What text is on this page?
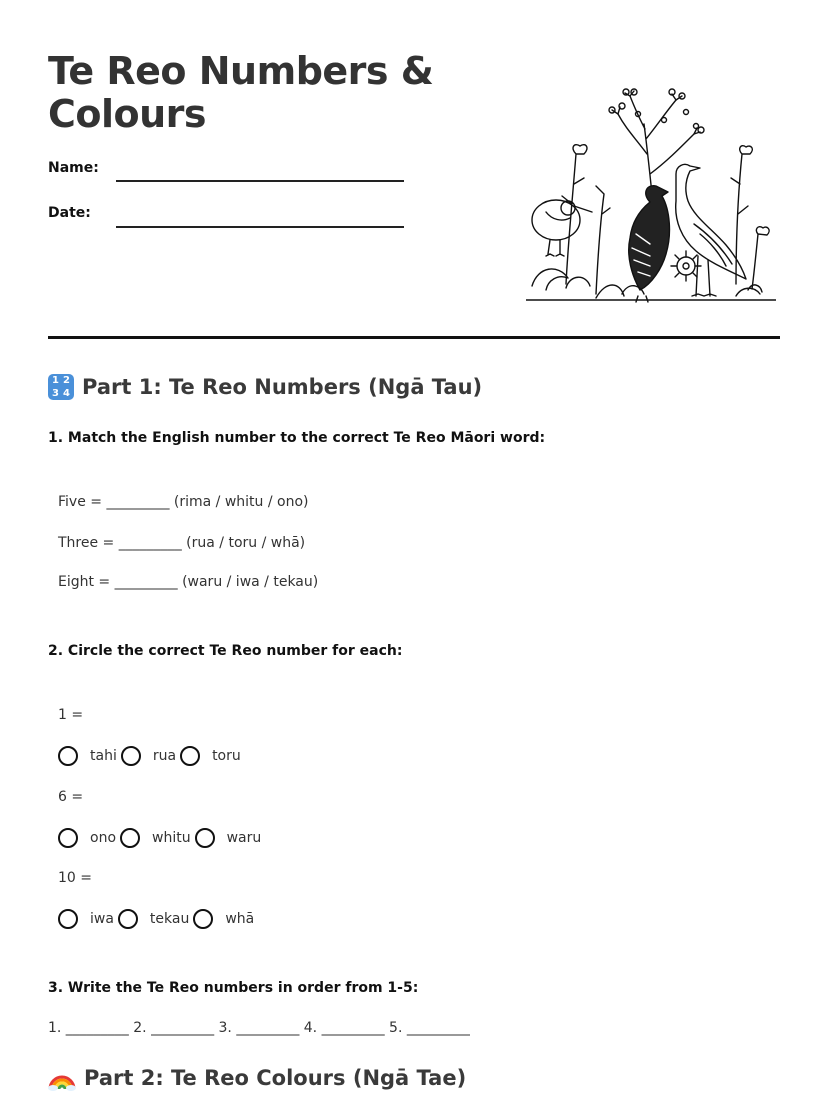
Te Reo Numbers & Colours
Name:
Date:
1 2
3 4 Part 1: Te Reo Numbers (Ngā Tau)

1. Match the English number to the correct Te Reo Māori word:

Five = _________ (rima / whitu / ono)
Three = _________ (rua / toru / whā)
Eight = _________ (waru / iwa / tekau)

2. Circle the correct Te Reo number for each:

1 =
tahi	rua	toru
6 =
ono	whitu	waru
10 =
iwa	tekau	whā

3. Write the Te Reo numbers in order from 1-5:

1. _________ 2. _________ 3. _________ 4. _________ 5. _________
Part 2: Te Reo Colours (Ngā Tae)
